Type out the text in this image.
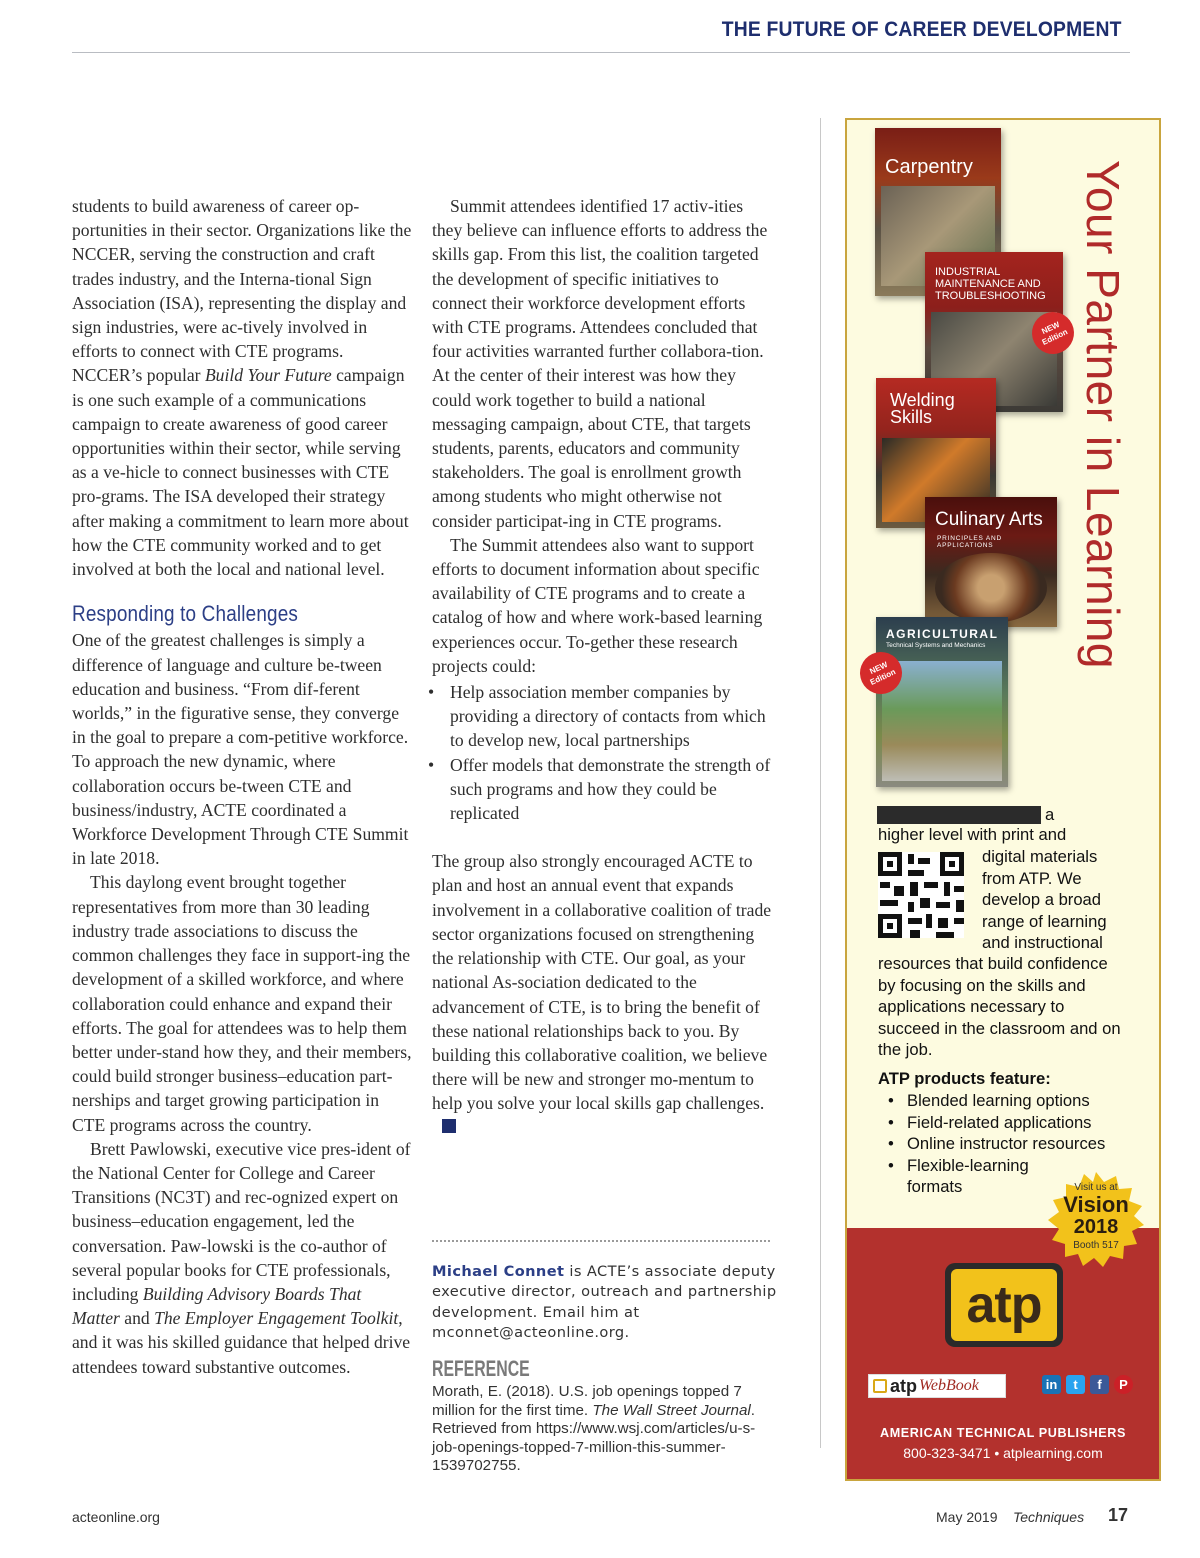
THE FUTURE OF CAREER DEVELOPMENT

students to build awareness of career op-portunities in their sector. Organizations like the NCCER, serving the construction and craft trades industry, and the Interna-tional Sign Association (ISA), representing the display and sign industries, were ac-tively involved in efforts to connect with CTE programs. NCCER’s popular Build Your Future campaign is one such example of a communications campaign to create awareness of good career opportunities within their sector, while serving as a ve-hicle to connect businesses with CTE pro-grams. The ISA developed their strategy after making a commitment to learn more about how the CTE community worked and to get involved at both the local and national level.

Responding to Challenges

One of the greatest challenges is simply a difference of language and culture be-tween education and business. “From dif-ferent worlds,” in the figurative sense, they converge in the goal to prepare a com-petitive workforce. To approach the new dynamic, where collaboration occurs be-tween CTE and business/industry, ACTE coordinated a Workforce Development Through CTE Summit in late 2018.

This daylong event brought together representatives from more than 30 leading industry trade associations to discuss the common challenges they face in support-ing the development of a skilled workforce, and where collaboration could enhance and expand their efforts. The goal for attendees was to help them better under-stand how they, and their members, could build stronger business–education part-nerships and target growing participation in CTE programs across the country.

Brett Pawlowski, executive vice pres-ident of the National Center for College and Career Transitions (NC3T) and rec-ognized expert on business–education engagement, led the conversation. Paw-lowski is the co-author of several popular books for CTE professionals, including Building Advisory Boards That Matter and The Employer Engagement Toolkit, and it was his skilled guidance that helped drive attendees toward substantive outcomes.

Summit attendees identified 17 activ-ities they believe can influence efforts to address the skills gap. From this list, the coalition targeted the development of specific initiatives to connect their workforce development efforts with CTE programs. Attendees concluded that four activities warranted further collabora-tion. At the center of their interest was how they could work together to build a national messaging campaign, about CTE, that targets students, parents, educators and community stakeholders. The goal is enrollment growth among students who might otherwise not consider participat-ing in CTE programs.

The Summit attendees also want to support efforts to document information about specific availability of CTE programs and to create a catalog of how and where work-based learning experiences occur. To-gether these research projects could:

• Help association member companies by providing a directory of contacts from which to develop new, local partnerships
• Offer models that demonstrate the strength of such programs and how they could be replicated

The group also strongly encouraged ACTE to plan and host an annual event that expands involvement in a collaborative coalition of trade sector organizations focused on strengthening the relationship with CTE. Our goal, as your national As-sociation dedicated to the advancement of CTE, is to bring the benefit of these national relationships back to you. By building this collaborative coalition, we believe there will be new and stronger mo-mentum to help you solve your local skills gap challenges.

Michael Connet is ACTE’s associate deputy executive director, outreach and partnership development. Email him at mconnet@acteonline.org.
REFERENCE
Morath, E. (2018). U.S. job openings topped 7 million for the first time. The Wall Street Journal. Retrieved from https://www.wsj.com/articles/u-s-job-openings-topped-7-million-this-summer-1539702755.
Your Partner in Learning
Carpentry
INDUSTRIAL MAINTENANCE AND TROUBLESHOOTING
NEW Edition
Welding Skills
Culinary Arts
PRINCIPLES AND APPLICATIONS
AGRICULTURAL
Technical Systems and Mechanics
NEW Edition
a
higher level with print and
digital materials from ATP. We develop a broad range of learning and instructional
resources that build confidence by focusing on the skills and applications necessary to succeed in the classroom and on the job.
ATP products feature:
• Blended learning options
• Field-related applications
• Online instructor resources
• Flexible-learning formats	Visit us at
Vision
2018
Booth 517
atp
atp WebBook	in	t	f	P
AMERICAN TECHNICAL PUBLISHERS
800-323-3471 • atplearning.com
acteonline.org	May 2019 Techniques 17
